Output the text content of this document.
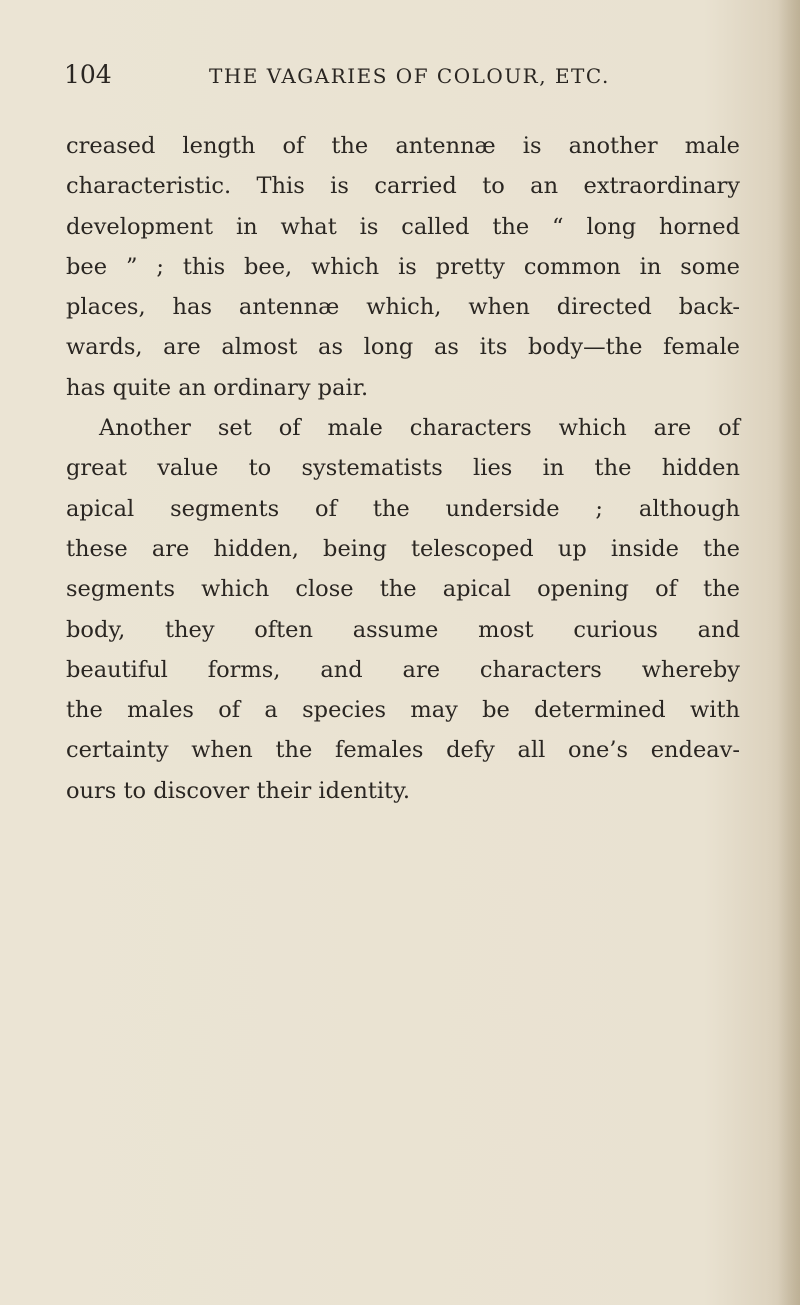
104	THE VAGARIES OF COLOUR, ETC.
creased length of the antennæ is another male
characteristic. This is carried to an extraordinary
development in what is called the “ long horned
bee ” ; this bee, which is pretty common in some
places, has antennæ which, when directed back-
wards, are almost as long as its body—the female
has quite an ordinary pair.
Another set of male characters which are of
great value to systematists lies in the hidden
apical segments of the underside ; although
these are hidden, being telescoped up inside the
segments which close the apical opening of the
body, they often assume most curious and
beautiful forms, and are characters whereby
the males of a species may be determined with
certainty when the females defy all one’s endeav-
ours to discover their identity.
